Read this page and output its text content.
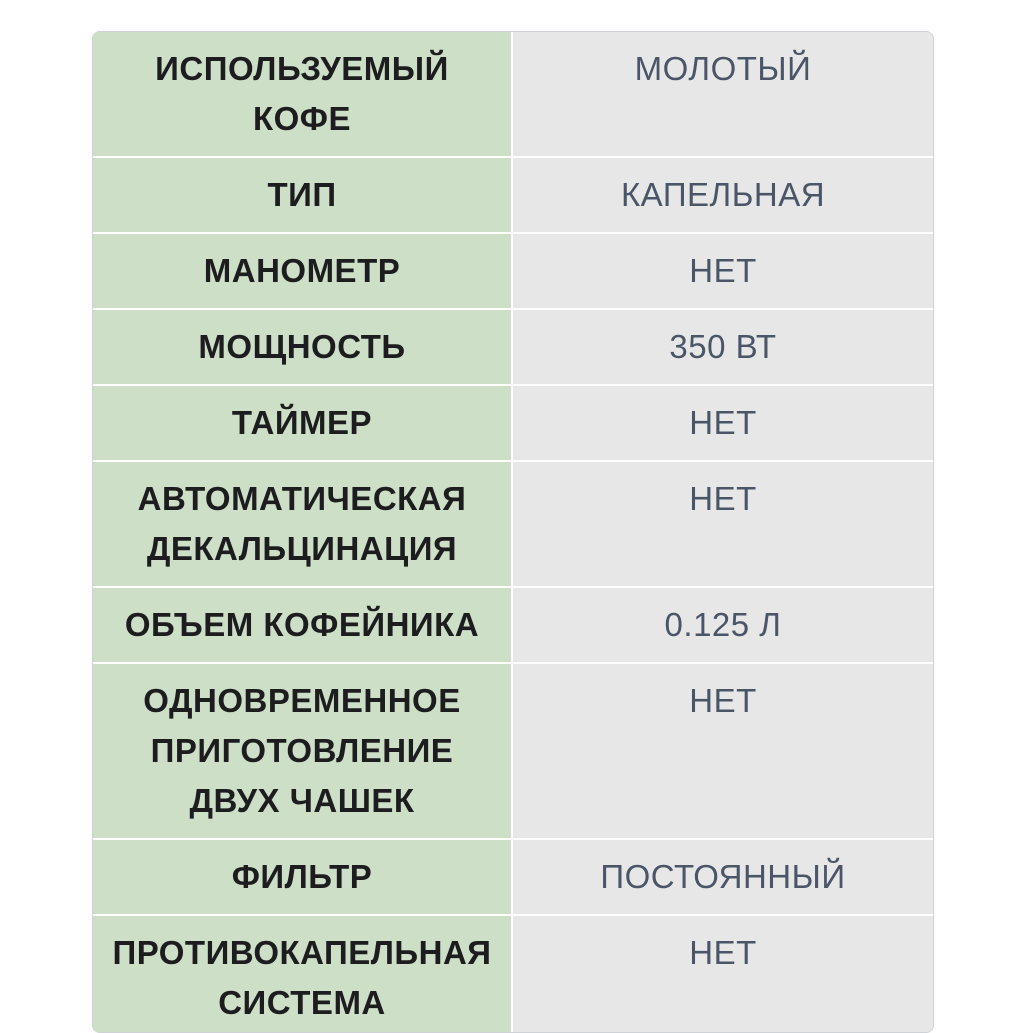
ИСПОЛЬЗУЕМЫЙ
КОФЕ	МОЛОТЫЙ

ТИП	КАПЕЛЬНАЯ

МАНОМЕТР	НЕТ

МОЩНОСТЬ	350 ВТ

ТАЙМЕР	НЕТ

АВТОМАТИЧЕСКАЯ
ДЕКАЛЬЦИНАЦИЯ	НЕТ

ОБЪЕМ КОФЕЙНИКА	0.125 Л

ОДНОВРЕМЕННОЕ
ПРИГОТОВЛЕНИЕ
ДВУХ ЧАШЕК	НЕТ

ФИЛЬТР	ПОСТОЯННЫЙ

ПРОТИВОКАПЕЛЬНАЯ
СИСТЕМА	НЕТ
